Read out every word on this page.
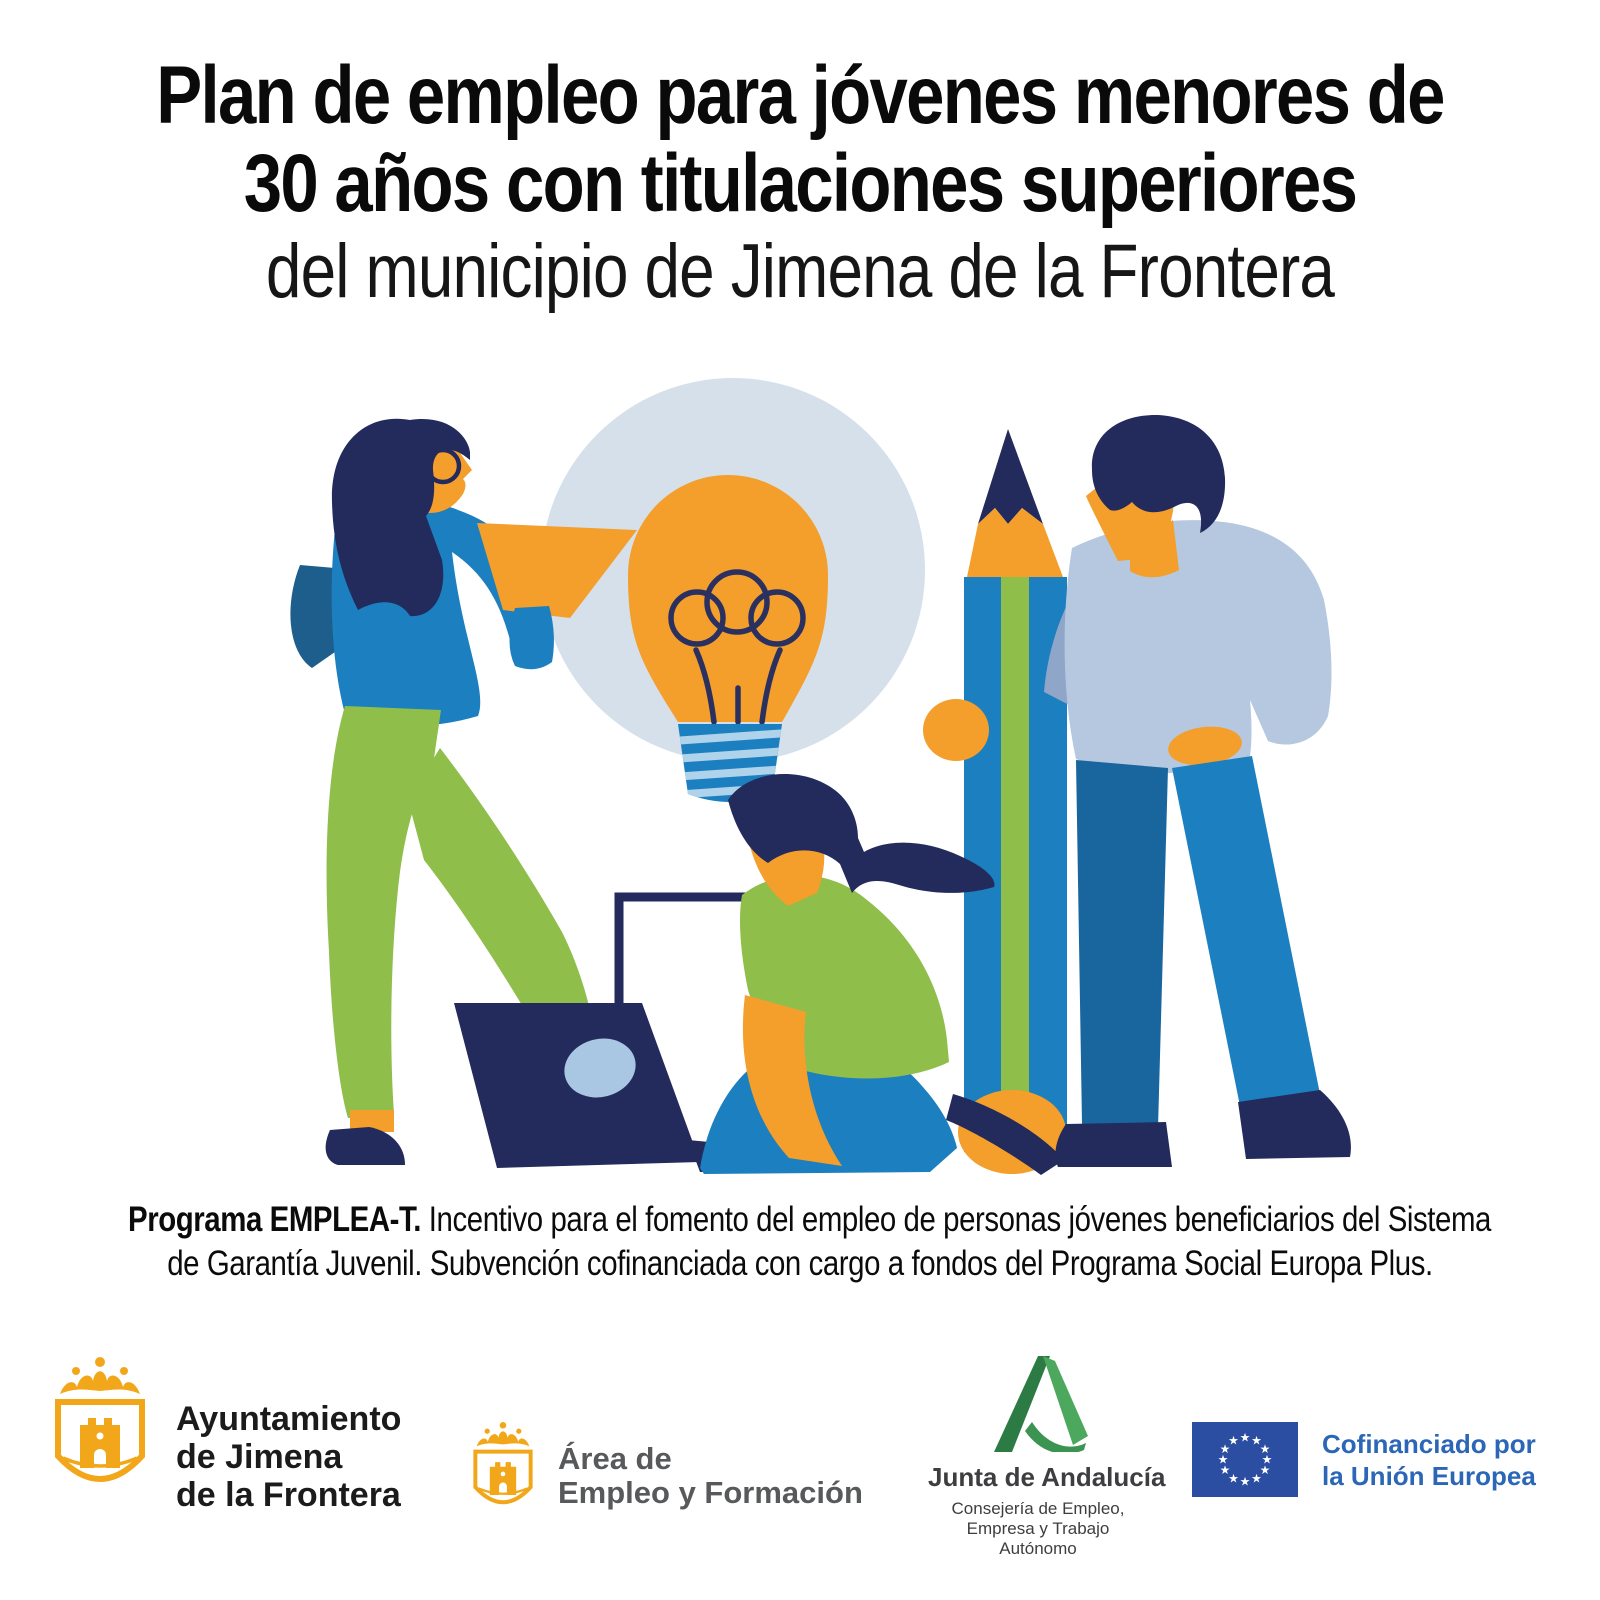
Plan de empleo para jóvenes menores de
30 años con titulaciones superiores
del municipio de Jimena de la Frontera
Programa EMPLEA-T. Incentivo para el fomento del empleo de personas jóvenes beneficiarios del Sistema
de Garantía Juvenil. Subvención cofinanciada con cargo a fondos del Programa Social Europa Plus.
Ayuntamiento
de Jimena
de la Frontera
Área de
Empleo y Formación	Junta de Andalucía
Consejería de Empleo,
Empresa y Trabajo Autónomo
★ ★
★
★
★
★
★
★
★
★
★
★	Cofinanciado por
la Unión Europea
